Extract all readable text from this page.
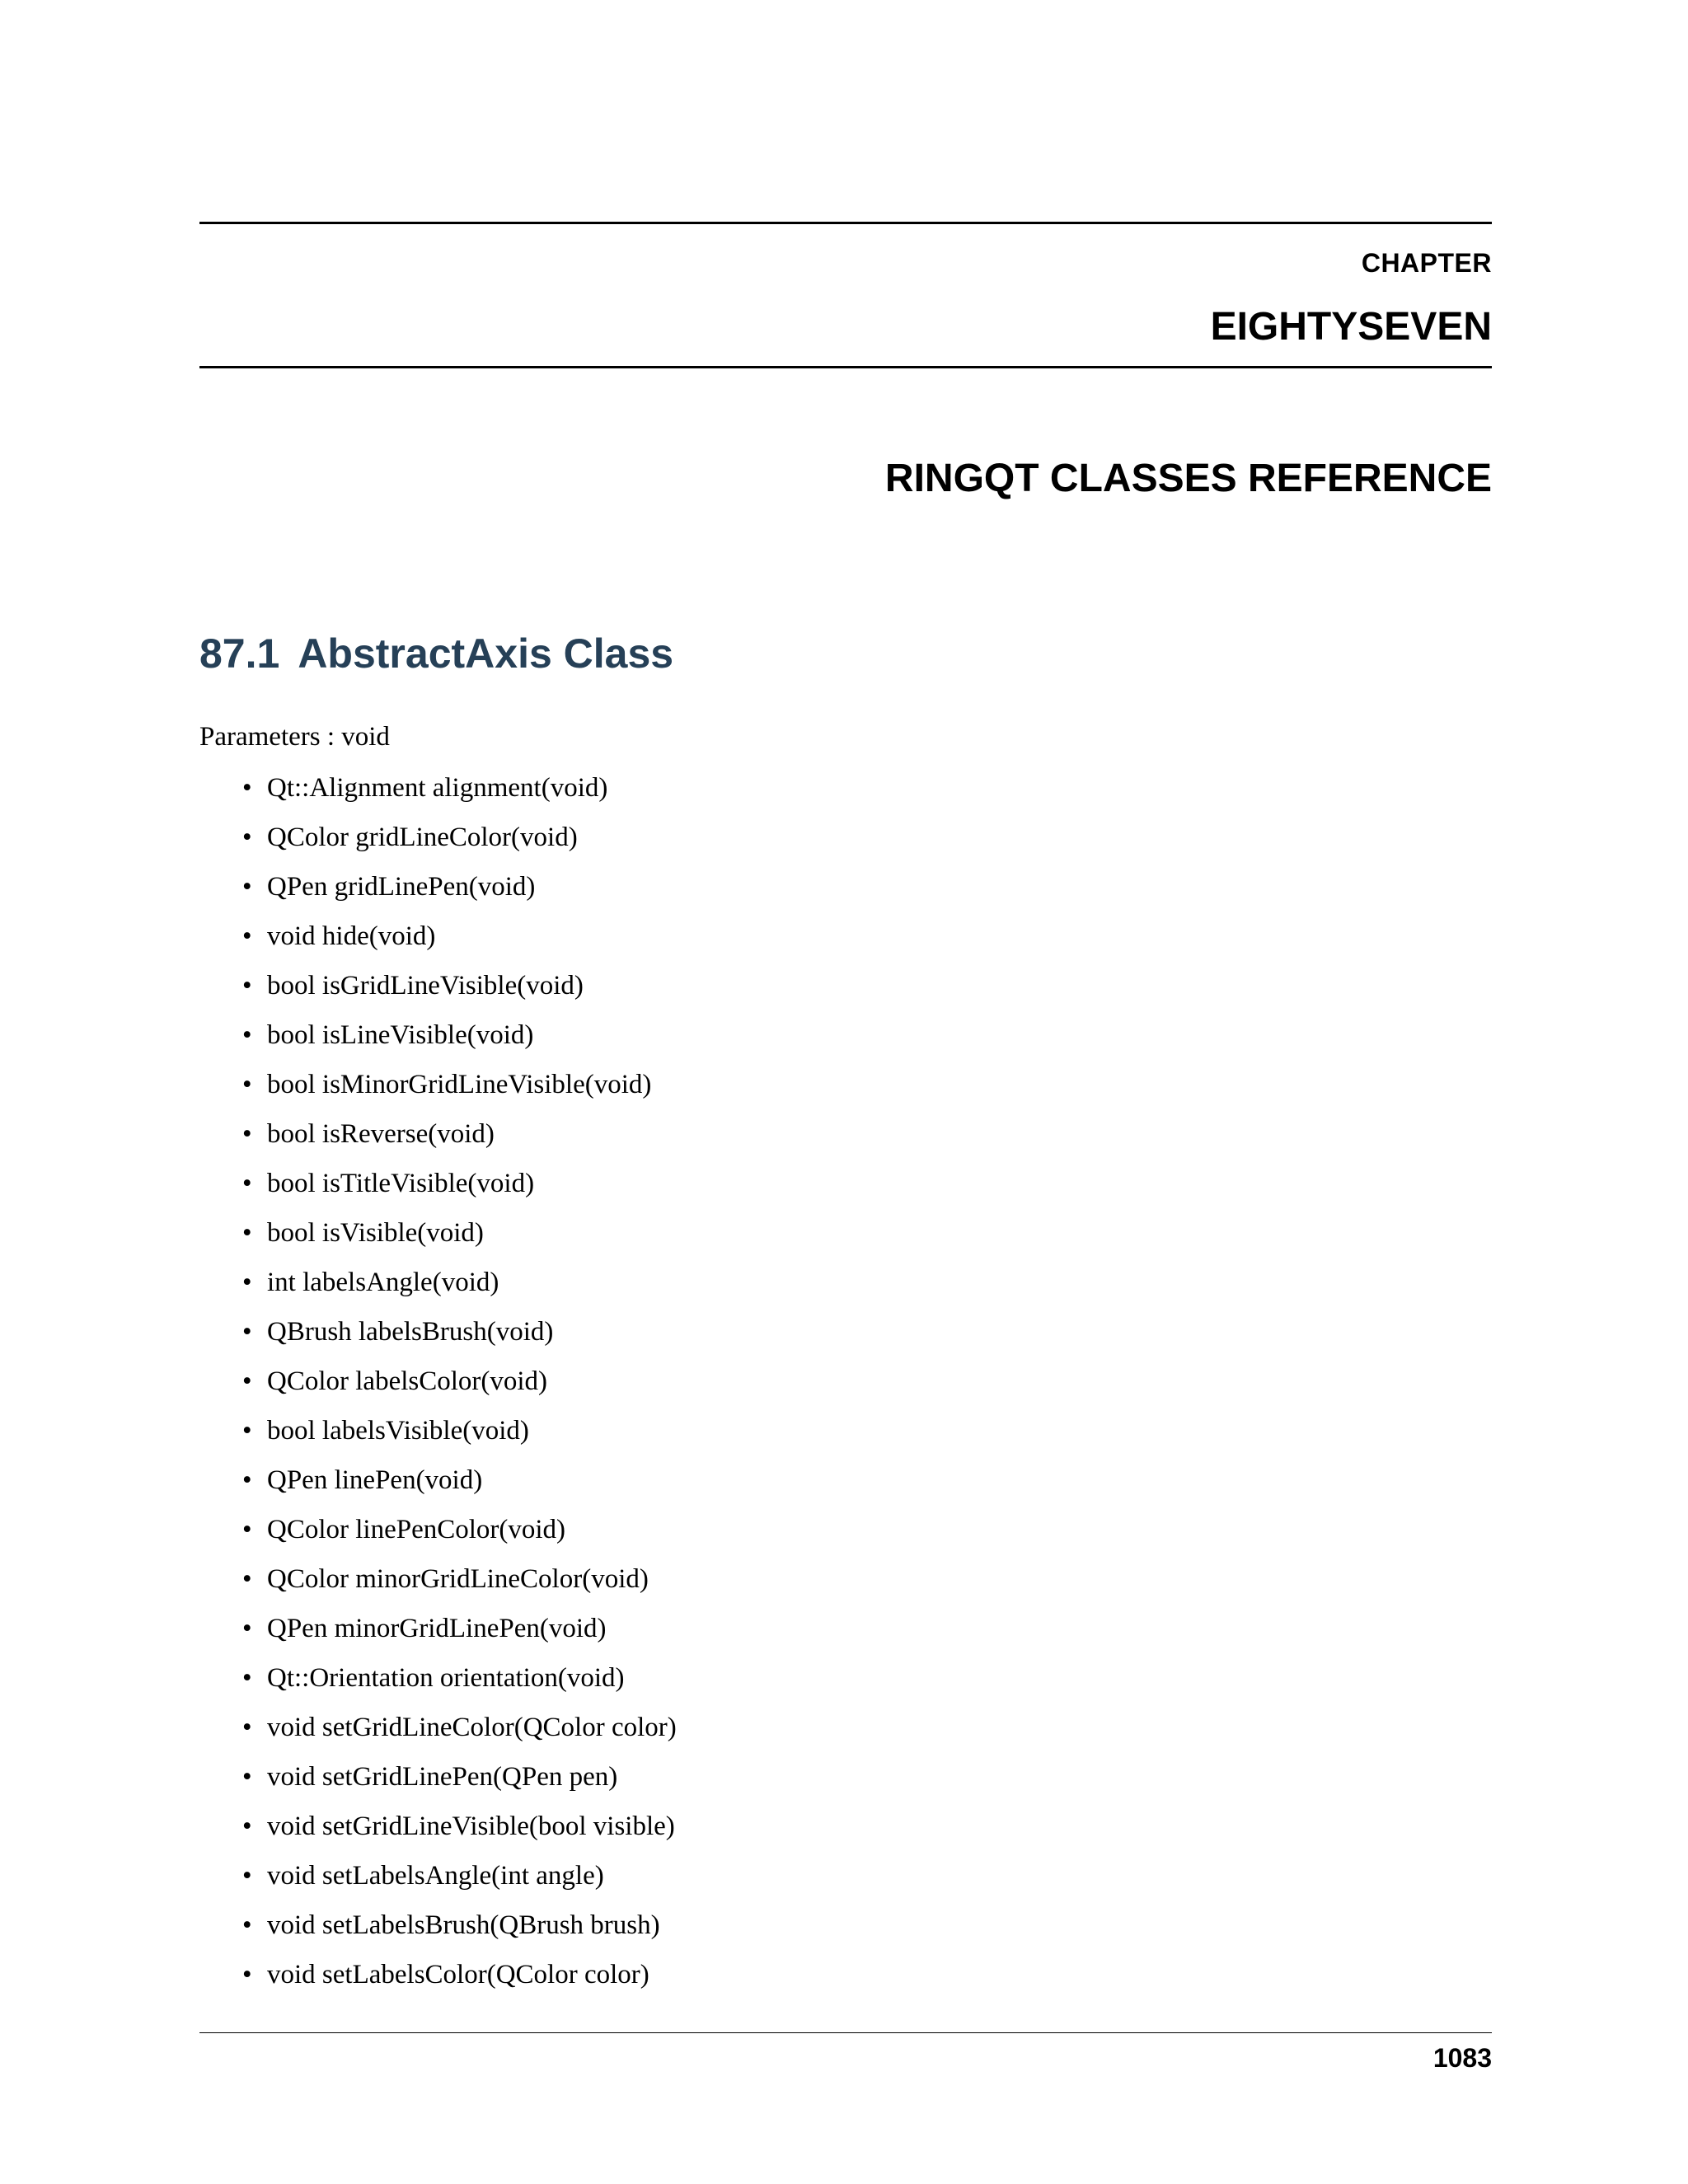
CHAPTER
EIGHTYSEVEN
RINGQT CLASSES REFERENCE
87.1 AbstractAxis Class
Parameters : void
• Qt::Alignment alignment(void)
• QColor gridLineColor(void)
• QPen gridLinePen(void)
• void hide(void)
• bool isGridLineVisible(void)
• bool isLineVisible(void)
• bool isMinorGridLineVisible(void)
• bool isReverse(void)
• bool isTitleVisible(void)
• bool isVisible(void)
• int labelsAngle(void)
• QBrush labelsBrush(void)
• QColor labelsColor(void)
• bool labelsVisible(void)
• QPen linePen(void)
• QColor linePenColor(void)
• QColor minorGridLineColor(void)
• QPen minorGridLinePen(void)
• Qt::Orientation orientation(void)
• void setGridLineColor(QColor color)
• void setGridLinePen(QPen pen)
• void setGridLineVisible(bool visible)
• void setLabelsAngle(int angle)
• void setLabelsBrush(QBrush brush)
• void setLabelsColor(QColor color)
1083
